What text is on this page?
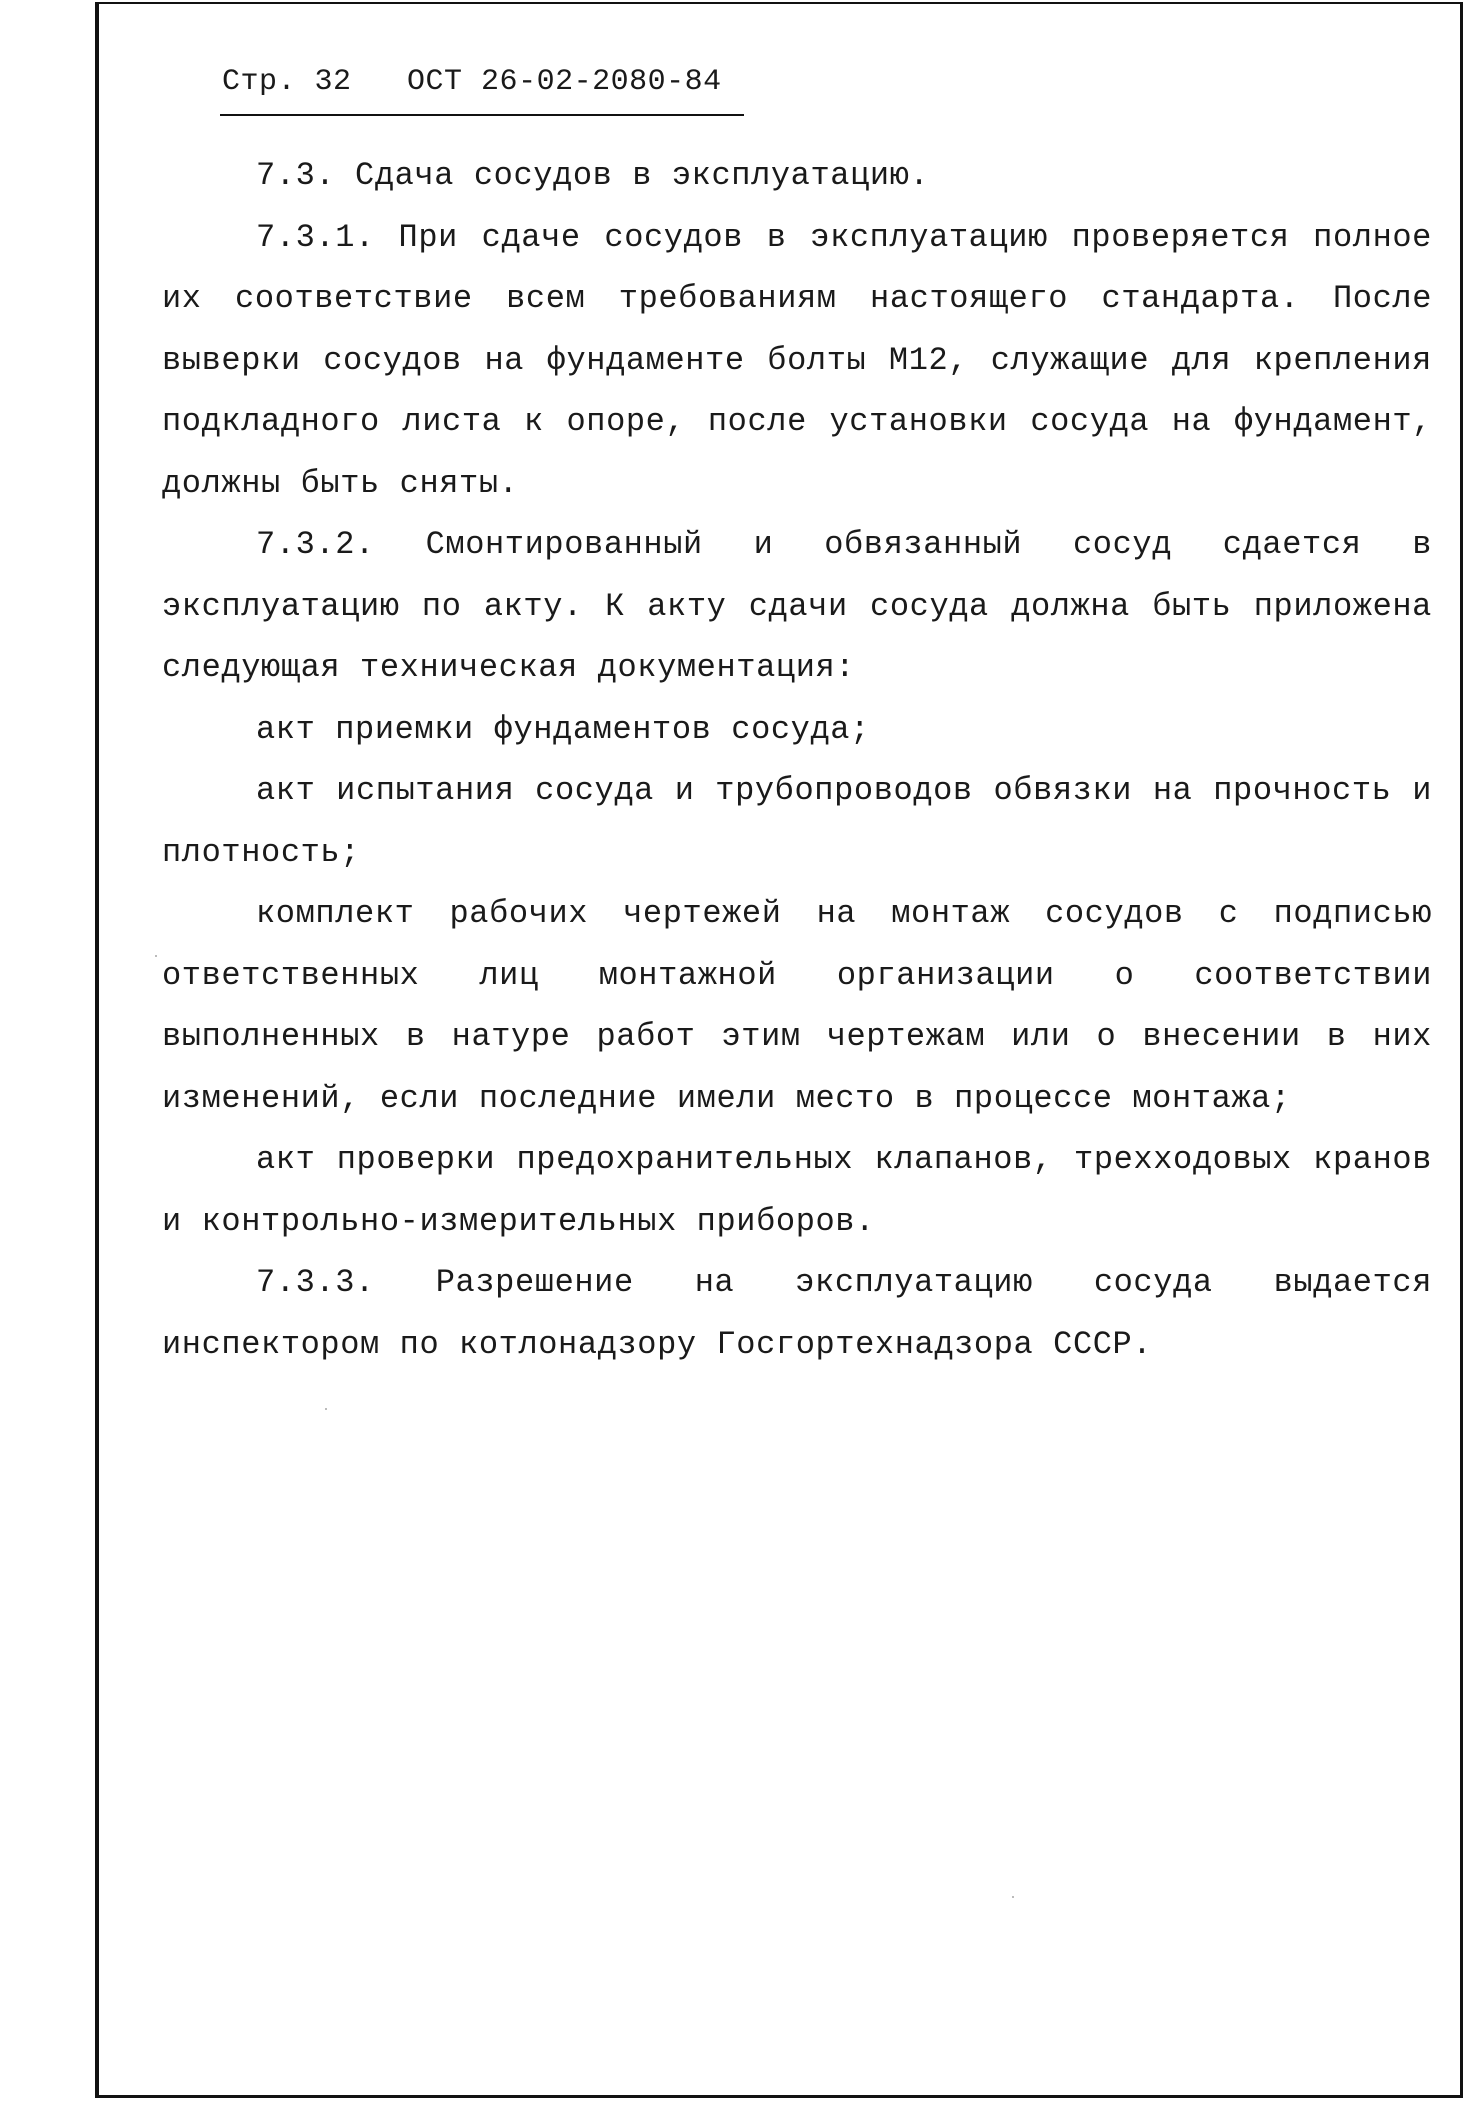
Стр. 32 ОСТ 26-02-2080-84

7.3. Сдача сосудов в эксплуатацию.

7.3.1. При сдаче сосудов в эксплуатацию проверяется полное их соответствие всем требованиям настоящего стандарта. После выверки сосудов на фундаменте болты М12, служащие для крепления подкладного листа к опоре, после установки сосуда на фундамент, должны быть сняты.

7.3.2. Смонтированный и обвязанный сосуд сдается в эксплуатацию по акту. К акту сдачи сосуда должна быть приложена следующая техническая документация:

акт приемки фундаментов сосуда;

акт испытания сосуда и трубопроводов обвязки на прочность и плотность;

комплект рабочих чертежей на монтаж сосудов с подписью ответственных лиц монтажной организации о соответствии выполненных в натуре работ этим чертежам или о внесении в них изменений, если последние имели место в процессе монтажа;

акт проверки предохранительных клапанов, трехходовых кранов и контрольно-измерительных приборов.

7.3.3. Разрешение на эксплуатацию сосуда выдается инспектором по котлонадзору Госгортехнадзора СССР.
